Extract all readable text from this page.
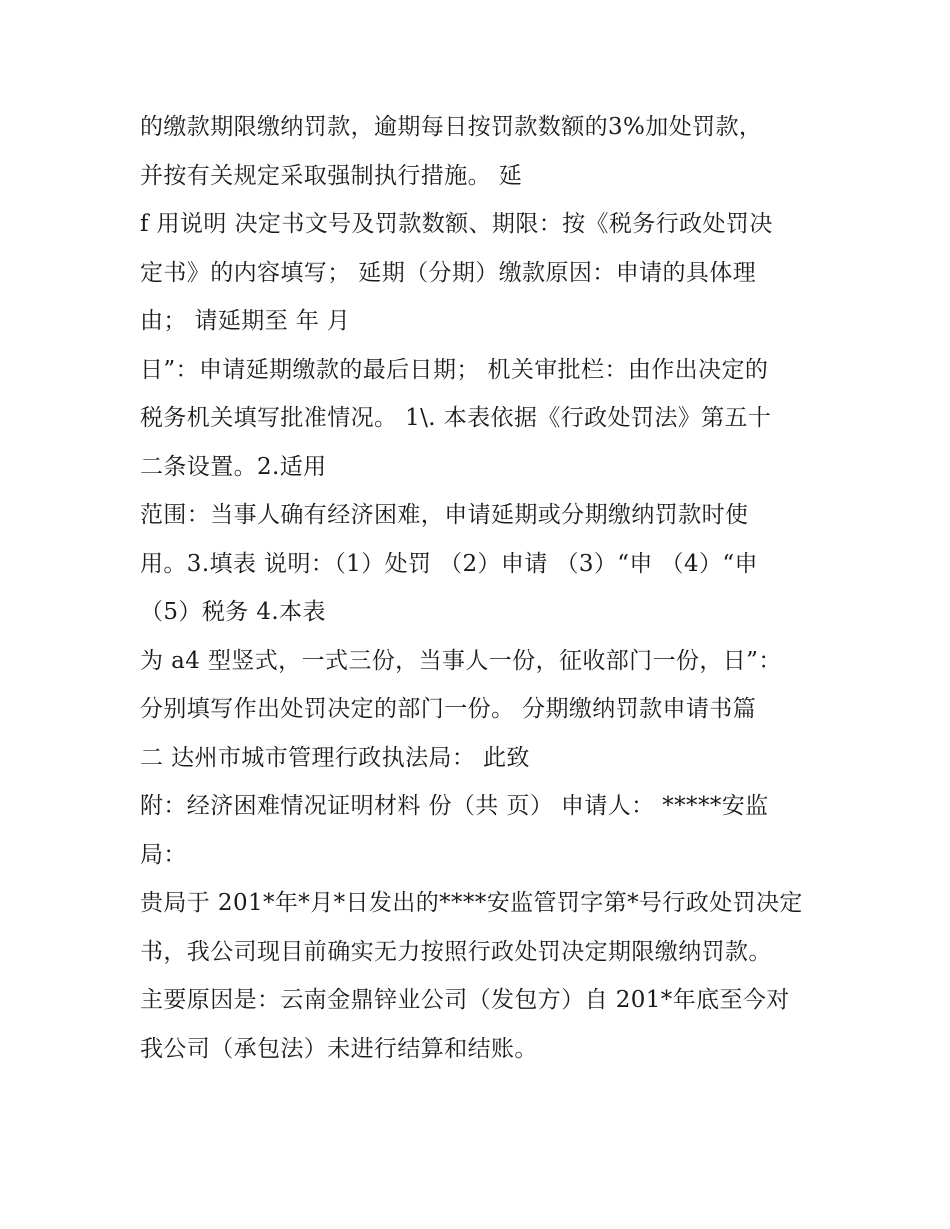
的缴款期限缴纳罚款，逾期每日按罚款数额的3%加处罚款，
并按有关规定采取强制执行措施。 延
f 用说明 决定书文号及罚款数额、期限：按《税务行政处罚决
定书》的内容填写； 延期（分期）缴款原因：申请的具体理
由； 请延期至 年 月
日”：申请延期缴款的最后日期； 机关审批栏：由作出决定的
税务机关填写批准情况。 1\. 本表依据《行政处罚法》第五十
二条设置。2.适用
范围：当事人确有经济困难，申请延期或分期缴纳罚款时使
用。3.填表 说明：（1）处罚 （2）申请 （3）“申 （4）“申
（5）税务 4.本表
为 a4 型竖式，一式三份，当事人一份，征收部门一份，日”：
分别填写作出处罚决定的部门一份。 分期缴纳罚款申请书篇
二 达州市城市管理行政执法局： 此致
附：经济困难情况证明材料 份（共 页） 申请人： *****安监
局：
贵局于 201*年*月*日发出的****安监管罚字第*号行政处罚决定
书，我公司现目前确实无力按照行政处罚决定期限缴纳罚款。
主要原因是：云南金鼎锌业公司（发包方）自 201*年底至今对
我公司（承包法）未进行结算和结账。
